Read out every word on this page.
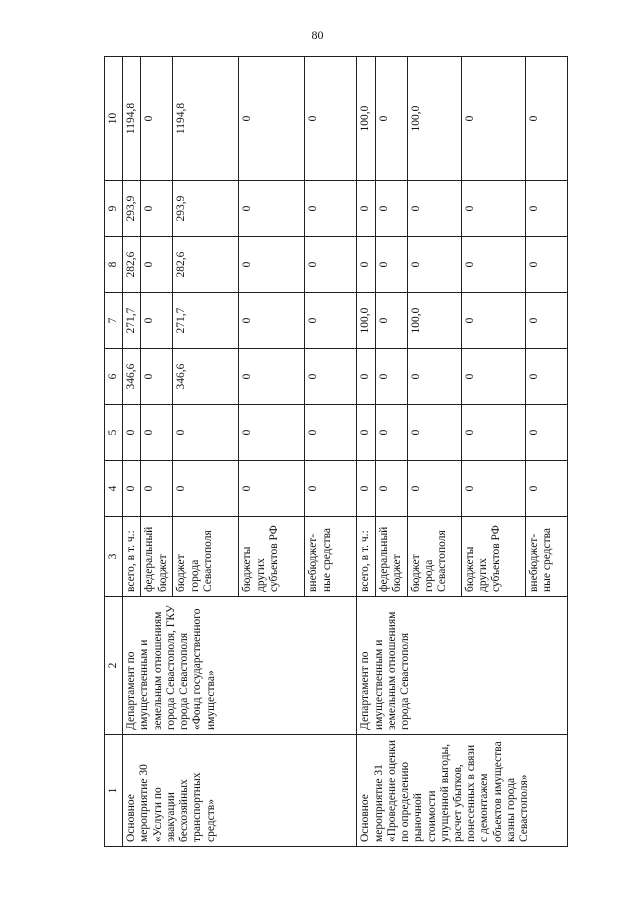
80
1	2	3	4	5	6	7	8	9	10
Основное мероприятие 30 «Услуги по эвакуации бесхозяйных транспортных средств»	Департамент по имущественным и земельным отношениям города Севастополя, ГКУ города Севастополя «Фонд государственного имущества»	всего, в т. ч.:	0	0	346,6	271,7	282,6	293,9	1194,8
		федеральный бюджет	0	0	0	0	0	0	0
		бюджет города Севастополя	0	0	346,6	271,7	282,6	293,9	1194,8
		бюджеты других субъектов РФ	0	0	0	0	0	0	0
		внебюджет- ные средства	0	0	0	0	0	0	0
Основное мероприятие 31 «Проведение оценки по определению рыночной стоимости упущенной выгоды, расчет убытков, понесенных в связи с демонтажем объектов имущества казны города Севастополя»	Департамент по имущественным и земельным отношениям города Севастополя	всего, в т. ч.:	0	0	0	100,0	0	0	100,0
		федеральный бюджет	0	0	0	0	0	0	0
		бюджет города Севастополя	0	0	0	100,0	0	0	100,0
		бюджеты других субъектов РФ	0	0	0	0	0	0	0
		внебюджет- ные средства	0	0	0	0	0	0	0
